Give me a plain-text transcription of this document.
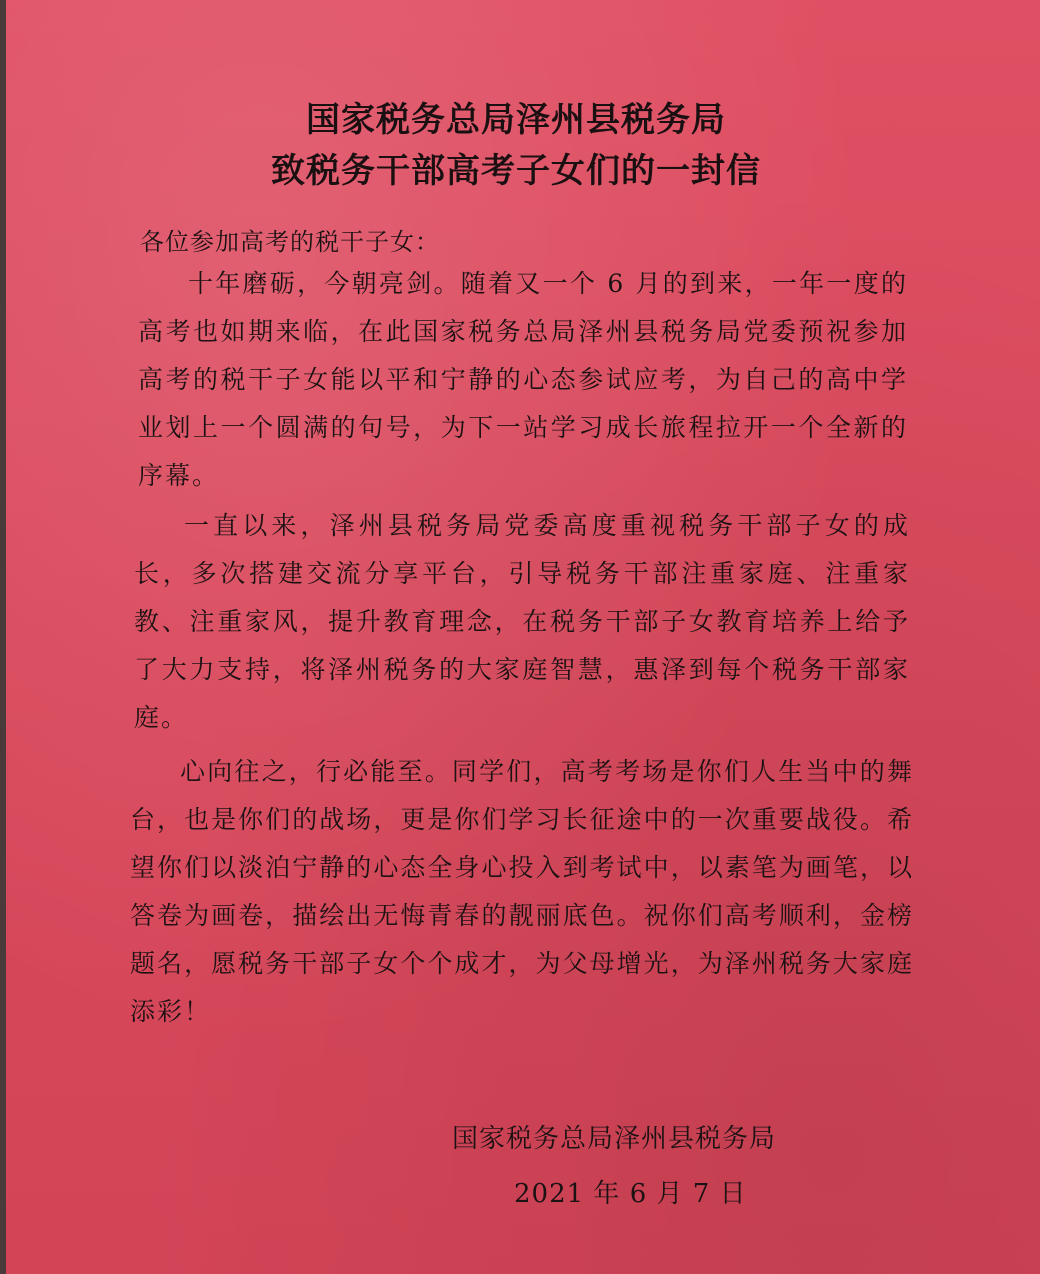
国家税务总局泽州县税务局
致税务干部高考子女们的一封信
各位参加高考的税干子女：
十年磨砺，今朝亮剑。随着又一个 6 月的到来，一年一度的高考也如期来临，在此国家税务总局泽州县税务局党委预祝参加高考的税干子女能以平和宁静的心态参试应考，为自己的高中学业划上一个圆满的句号，为下一站学习成长旅程拉开一个全新的序幕。
一直以来，泽州县税务局党委高度重视税务干部子女的成长，多次搭建交流分享平台，引导税务干部注重家庭、注重家教、注重家风，提升教育理念，在税务干部子女教育培养上给予了大力支持，将泽州税务的大家庭智慧，惠泽到每个税务干部家庭。
心向往之，行必能至。同学们，高考考场是你们人生当中的舞台，也是你们的战场，更是你们学习长征途中的一次重要战役。希望你们以淡泊宁静的心态全身心投入到考试中，以素笔为画笔，以答卷为画卷，描绘出无悔青春的靓丽底色。祝你们高考顺利，金榜题名，愿税务干部子女个个成才，为父母增光，为泽州税务大家庭添彩！
国家税务总局泽州县税务局
2021 年 6 月 7 日
